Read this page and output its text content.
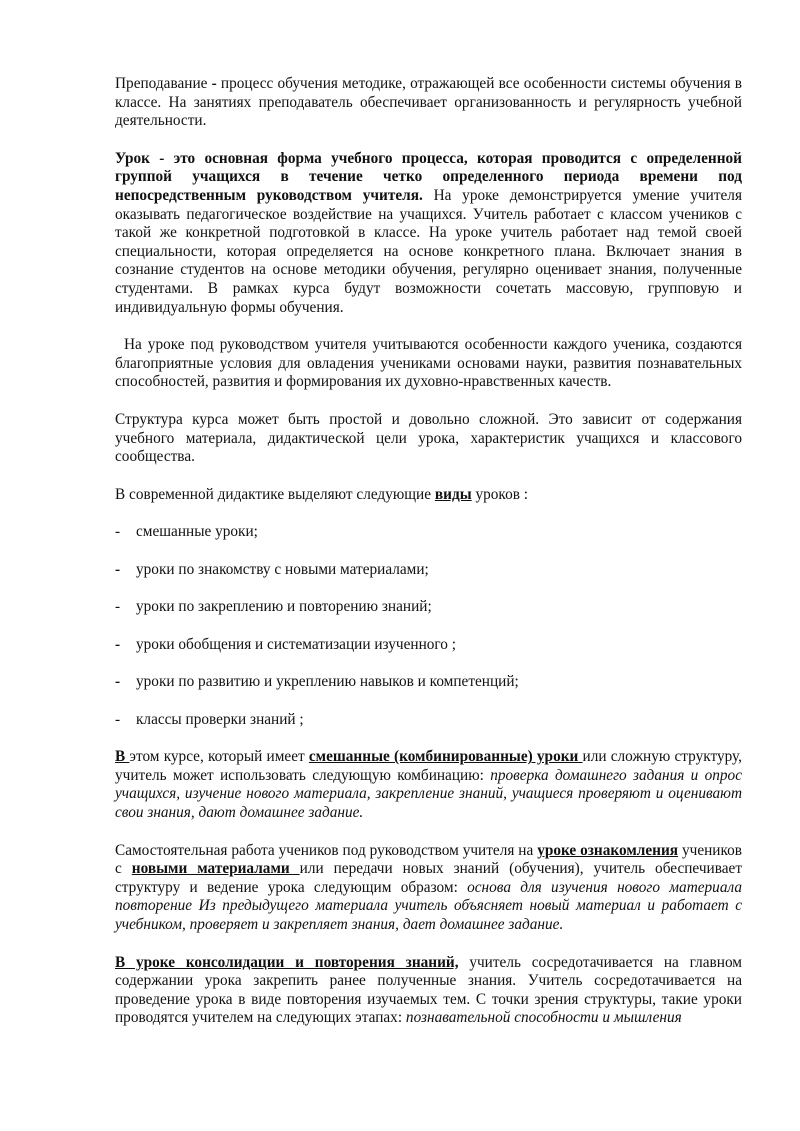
Преподавание - процесс обучения методике, отражающей все особенности системы обучения в классе. На занятиях преподаватель обеспечивает организованность и регулярность учебной деятельности.

Урок - это основная форма учебного процесса, которая проводится с определенной группой учащихся в течение четко определенного периода времени под непосредственным руководством учителя. На уроке демонстрируется умение учителя оказывать педагогическое воздействие на учащихся. Учитель работает с классом учеников с такой же конкретной подготовкой в классе. На уроке учитель работает над темой своей специальности, которая определяется на основе конкретного плана. Включает знания в сознание студентов на основе методики обучения, регулярно оценивает знания, полученные студентами. В рамках курса будут возможности сочетать массовую, групповую и индивидуальную формы обучения.

На уроке под руководством учителя учитываются особенности каждого ученика, создаются благоприятные условия для овладения учениками основами науки, развития познавательных способностей, развития и формирования их духовно-нравственных качеств.

Структура курса может быть простой и довольно сложной. Это зависит от содержания учебного материала, дидактической цели урока, характеристик учащихся и классового сообщества.

В современной дидактике выделяют следующие виды уроков :

-	смешанные уроки;
-	уроки по знакомству с новыми материалами;
-	уроки по закреплению и повторению знаний;
-	уроки обобщения и систематизации изученного ;
-	уроки по развитию и укреплению навыков и компетенций;
-	классы проверки знаний ;

В этом курсе, который имеет смешанные (комбинированные) уроки или сложную структуру, учитель может использовать следующую комбинацию: проверка домашнего задания и опрос учащихся, изучение нового материала, закрепление знаний, учащиеся проверяют и оценивают свои знания, дают домашнее задание.

Самостоятельная работа учеников под руководством учителя на уроке ознакомления учеников с новыми материалами или передачи новых знаний (обучения), учитель обеспечивает структуру и ведение урока следующим образом: основа для изучения нового материала повторение Из предыдущего материала учитель объясняет новый материал и работает с учебником, проверяет и закрепляет знания, дает домашнее задание.

В уроке консолидации и повторения знаний, учитель сосредотачивается на главном содержании урока закрепить ранее полученные знания. Учитель сосредотачивается на проведение урока в виде повторения изучаемых тем. С точки зрения структуры, такие уроки проводятся учителем на следующих этапах: познавательной способности и мышления
